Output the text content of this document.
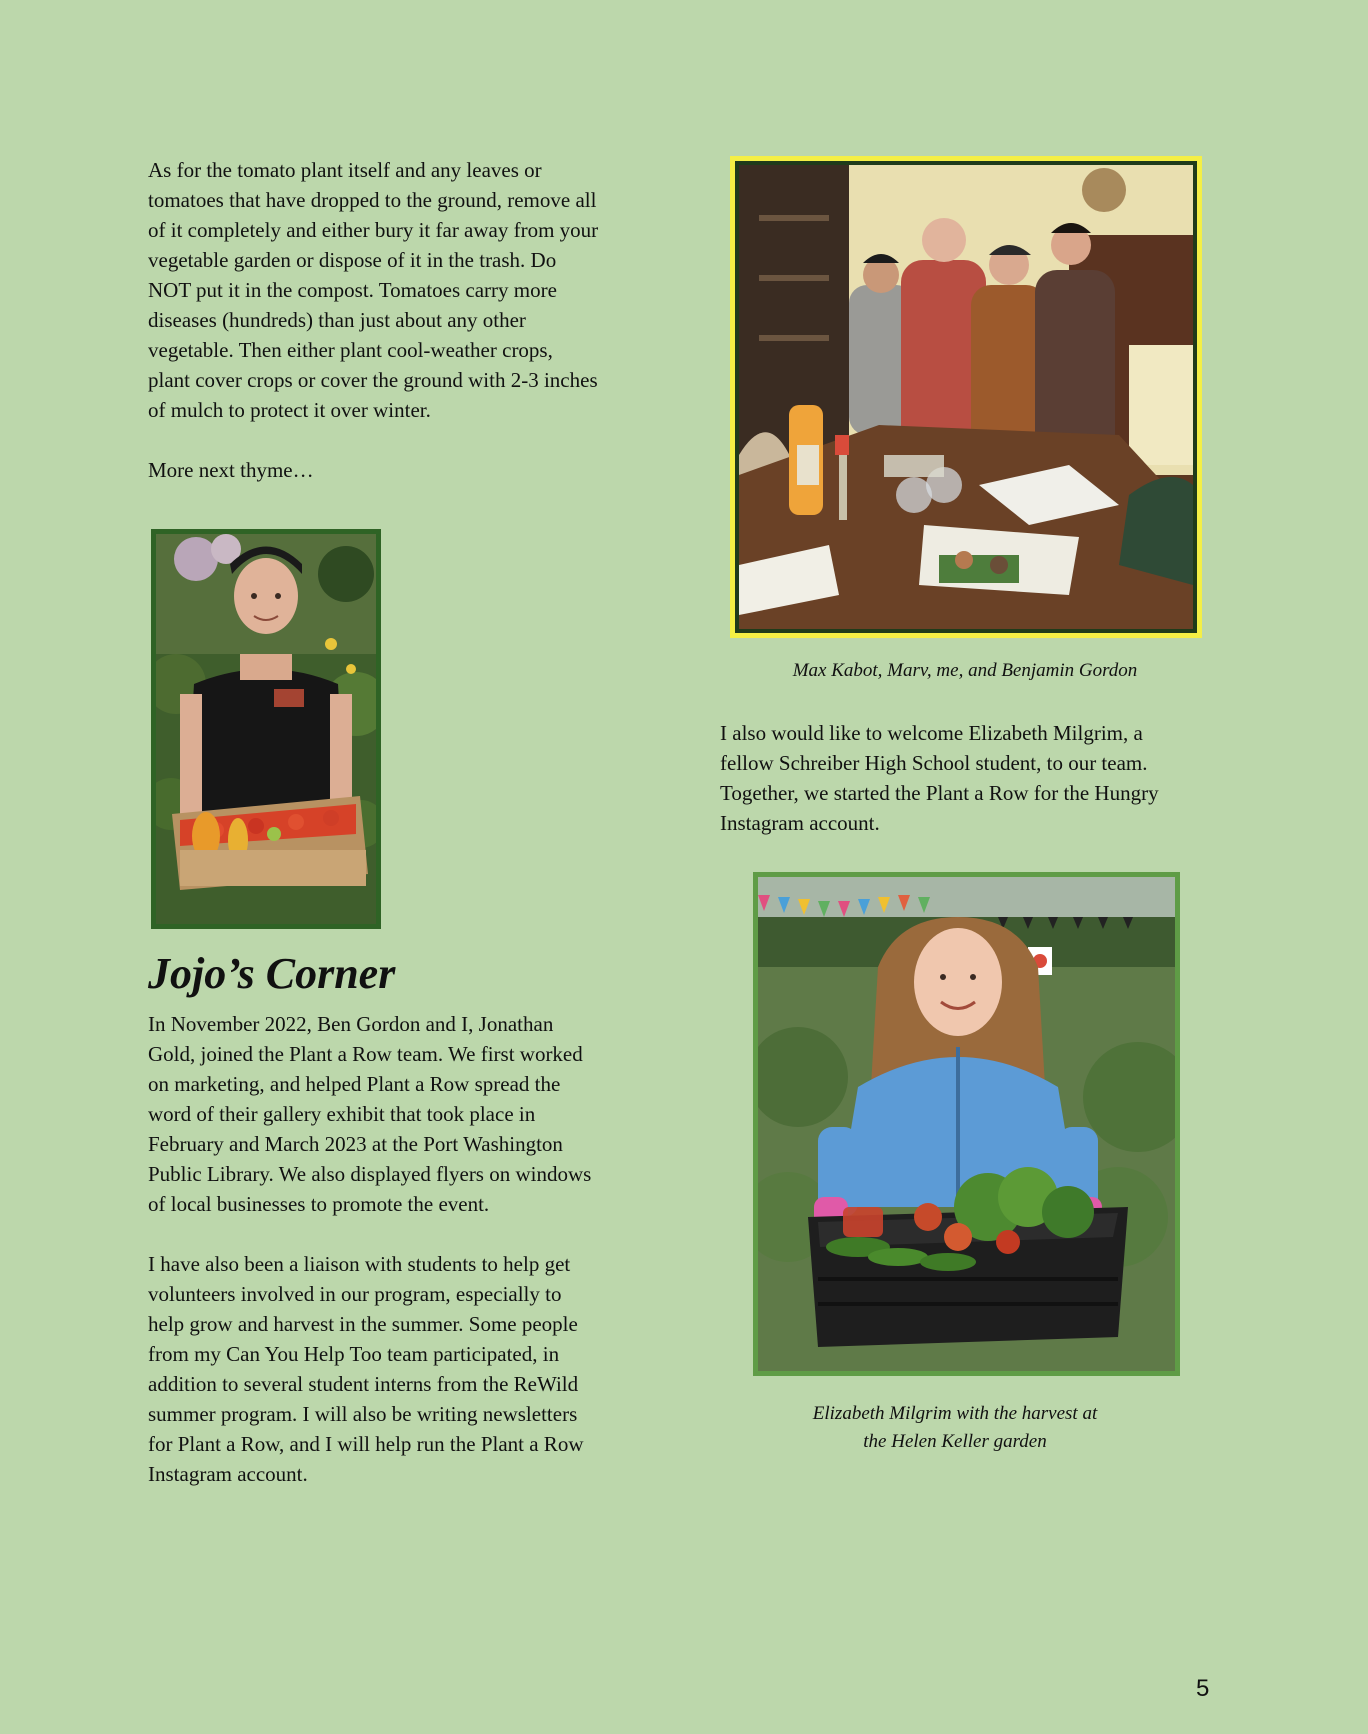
As for the tomato plant itself and any leaves or
tomatoes that have dropped to the ground, remove all
of it completely and either bury it far away from your
vegetable garden or dispose of it in the trash. Do
NOT put it in the compost. Tomatoes carry more
diseases (hundreds) than just about any other
vegetable. Then either plant cool-weather crops,
plant cover crops or cover the ground with 2-3 inches
of mulch to protect it over winter.
More next thyme…
Jojo’s Corner
In November 2022, Ben Gordon and I, Jonathan
Gold, joined the Plant a Row team. We first worked
on marketing, and helped Plant a Row spread the
word of their gallery exhibit that took place in
February and March 2023 at the Port Washington
Public Library. We also displayed flyers on windows
of local businesses to promote the event.
I have also been a liaison with students to help get
volunteers involved in our program, especially to
help grow and harvest in the summer. Some people
from my Can You Help Too team participated, in
addition to several student interns from the ReWild
summer program. I will also be writing newsletters
for Plant a Row, and I will help run the Plant a Row
Instagram account.
Max Kabot, Marv, me, and Benjamin Gordon
I also would like to welcome Elizabeth Milgrim, a
fellow Schreiber High School student, to our team.
Together, we started the Plant a Row for the Hungry
Instagram account.
Elizabeth Milgrim with the harvest at
the Helen Keller garden
5
